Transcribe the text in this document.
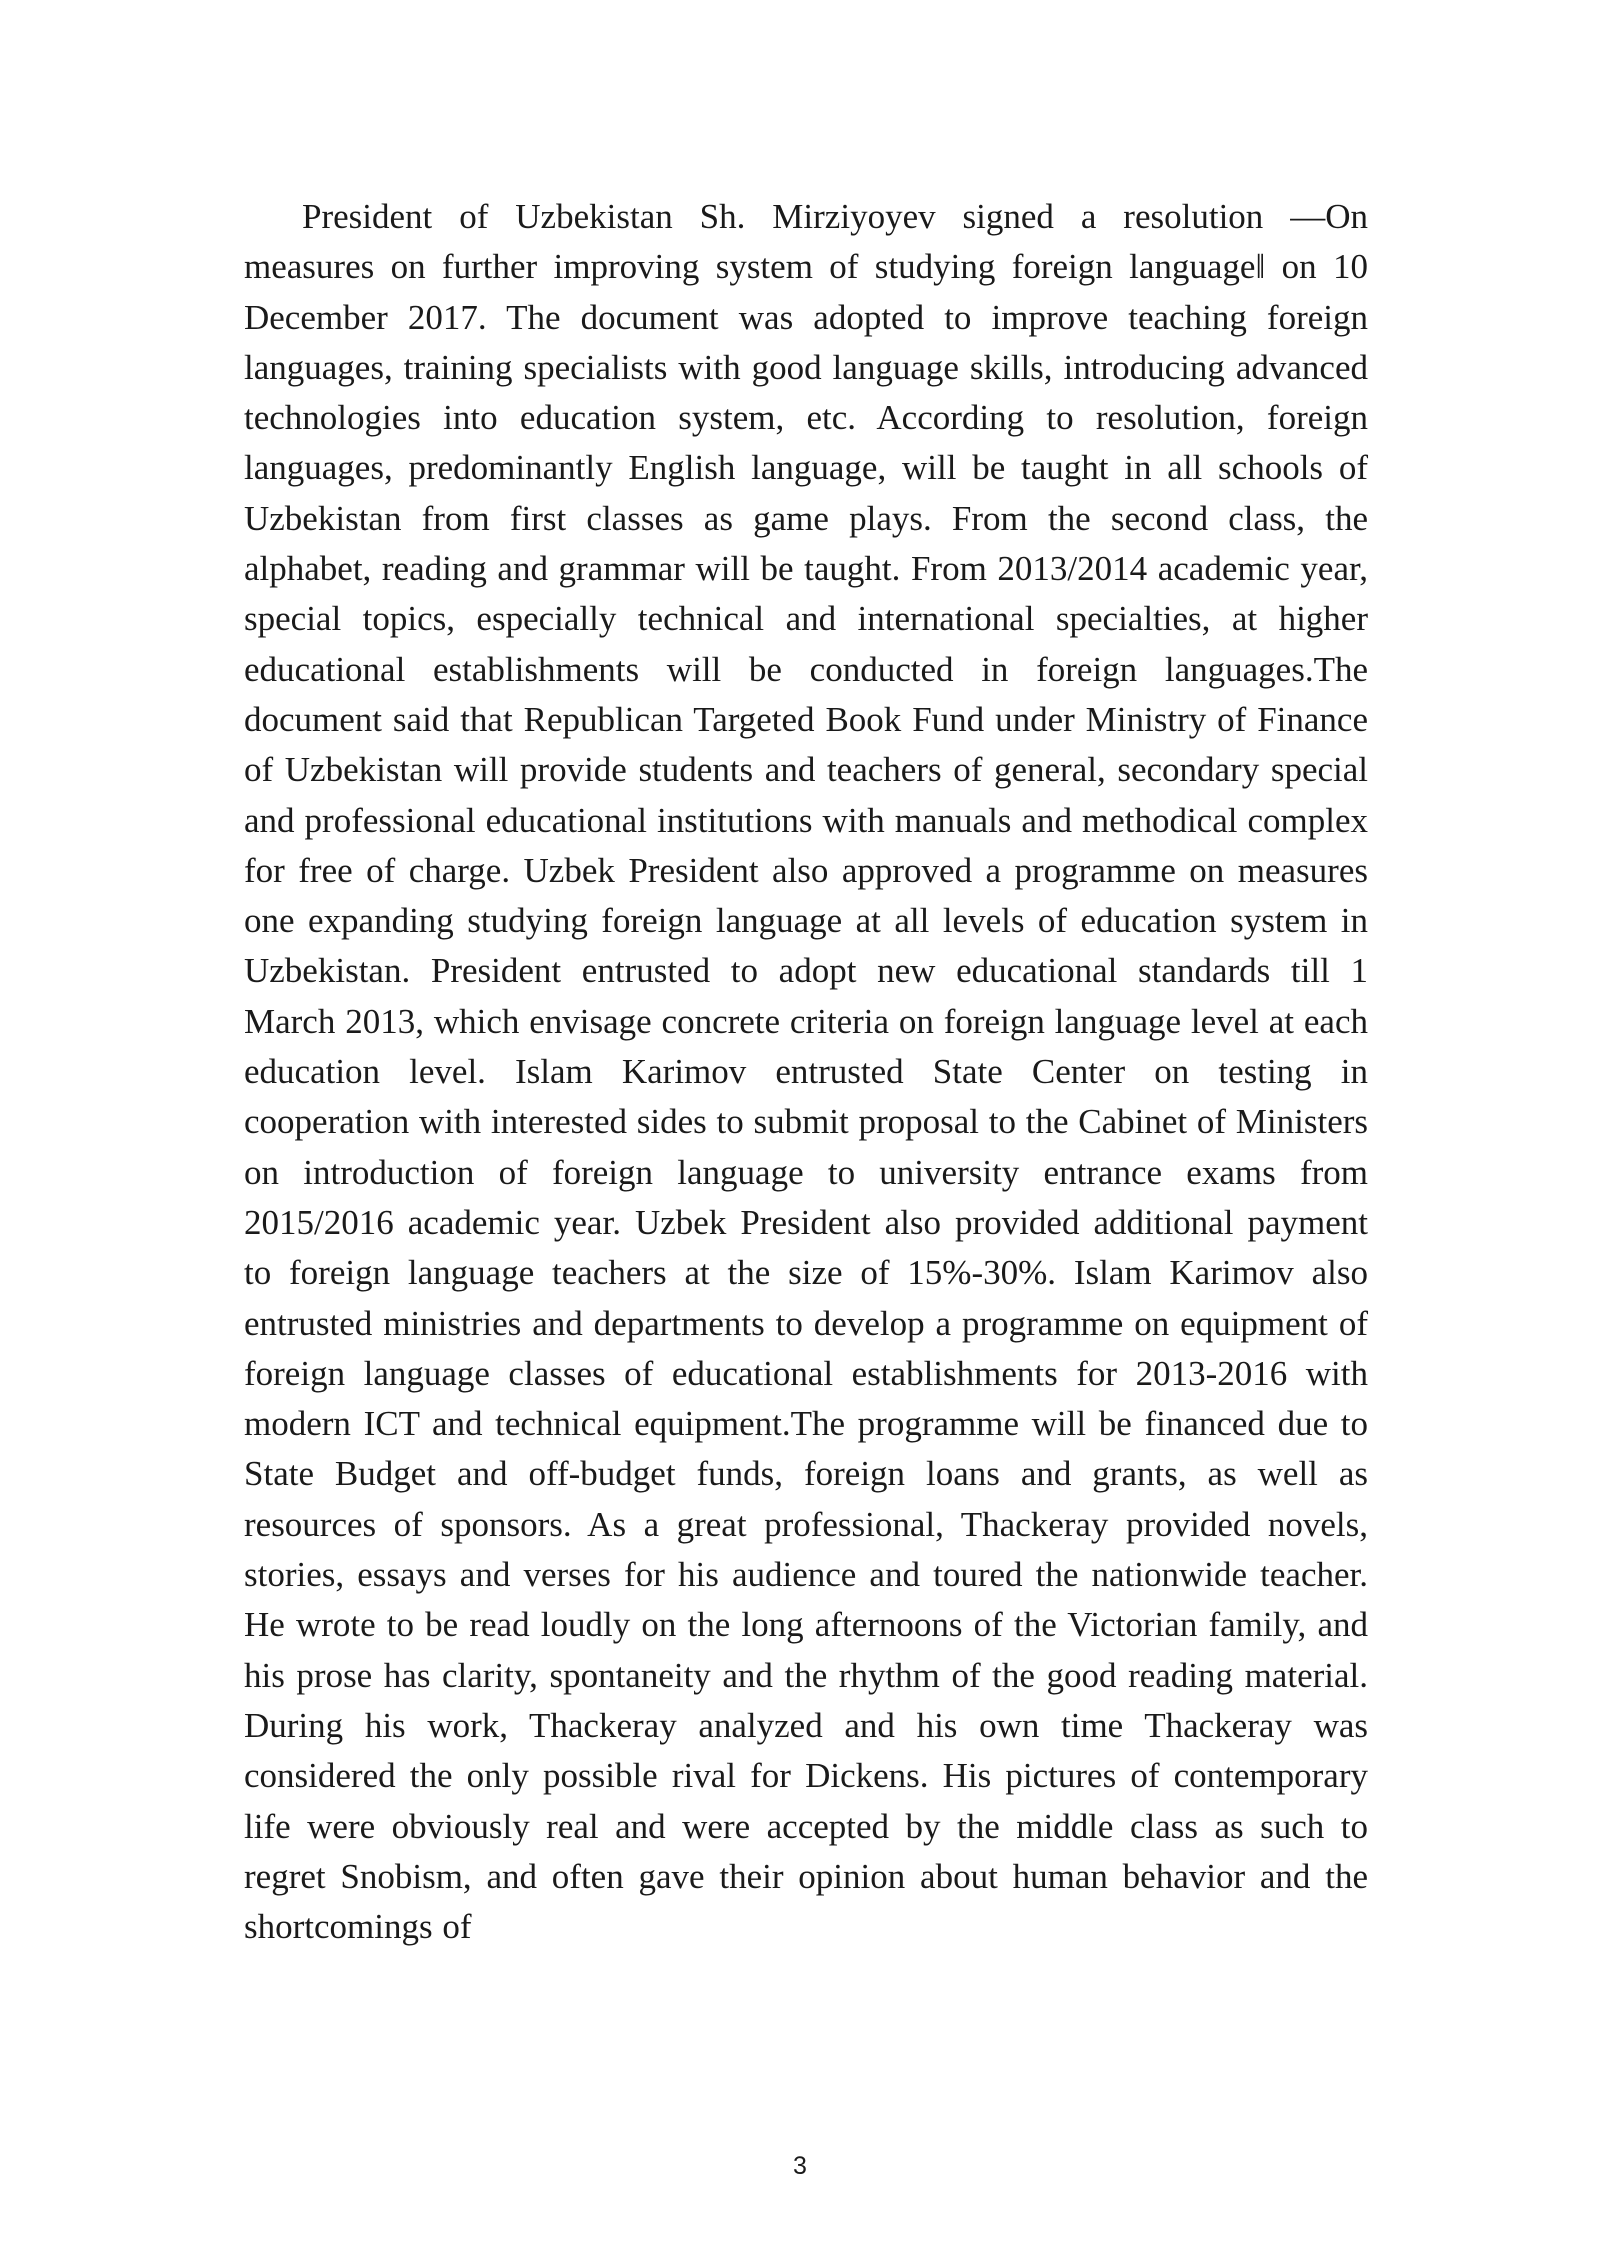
President of Uzbekistan Sh. Mirziyoyev signed a resolution —On measures on further improving system of studying foreign language‖ on 10 December 2017. The document was adopted to improve teaching foreign languages, training specialists with good language skills, introducing advanced technologies into education system, etc. According to resolution, foreign languages, predominantly English language, will be taught in all schools of Uzbekistan from first classes as game plays. From the second class, the alphabet, reading and grammar will be taught. From 2013/2014 academic year, special topics, especially technical and international specialties, at higher educational establishments will be conducted in foreign languages.The document said that Republican Targeted Book Fund under Ministry of Finance of Uzbekistan will provide students and teachers of general, secondary special and professional educational institutions with manuals and methodical complex for free of charge. Uzbek President also approved a programme on measures one expanding studying foreign language at all levels of education system in Uzbekistan. President entrusted to adopt new educational standards till 1 March 2013, which envisage concrete criteria on foreign language level at each education level. Islam Karimov entrusted State Center on testing in cooperation with interested sides to submit proposal to the Cabinet of Ministers on introduction of foreign language to university entrance exams from 2015/2016 academic year. Uzbek President also provided additional payment to foreign language teachers at the size of 15%-30%. Islam Karimov also entrusted ministries and departments to develop a programme on equipment of foreign language classes of educational establishments for 2013-2016 with modern ICT and technical equipment.The programme will be financed due to State Budget and off-budget funds, foreign loans and grants, as well as resources of sponsors. As a great professional, Thackeray provided novels, stories, essays and verses for his audience and toured the nationwide teacher. He wrote to be read loudly on the long afternoons of the Victorian family, and his prose has clarity, spontaneity and the rhythm of the good reading material. During his work, Thackeray analyzed and his own time Thackeray was considered the only possible rival for Dickens. His pictures of contemporary life were obviously real and were accepted by the middle class as such to regret Snobism, and often gave their opinion about human behavior and the shortcomings of

3
